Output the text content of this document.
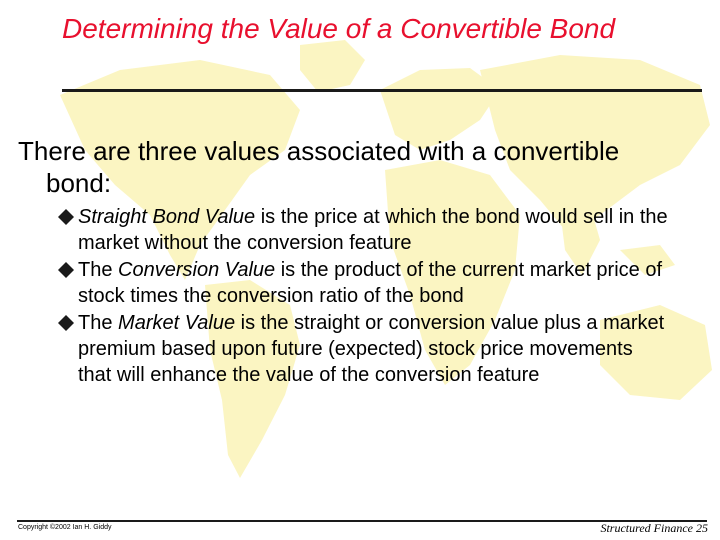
Determining the Value of a Convertible Bond

There are three values associated with a convertible bond:

Straight Bond Value is the price at which the bond would sell in the market without the conversion feature
The Conversion Value is the product of the current market price of stock times the conversion ratio of the bond
The Market Value is the straight or conversion value plus a market premium based upon future (expected) stock price movements that will enhance the value of the conversion feature
Copyright ©2002 Ian H. Giddy	Structured Finance 25
